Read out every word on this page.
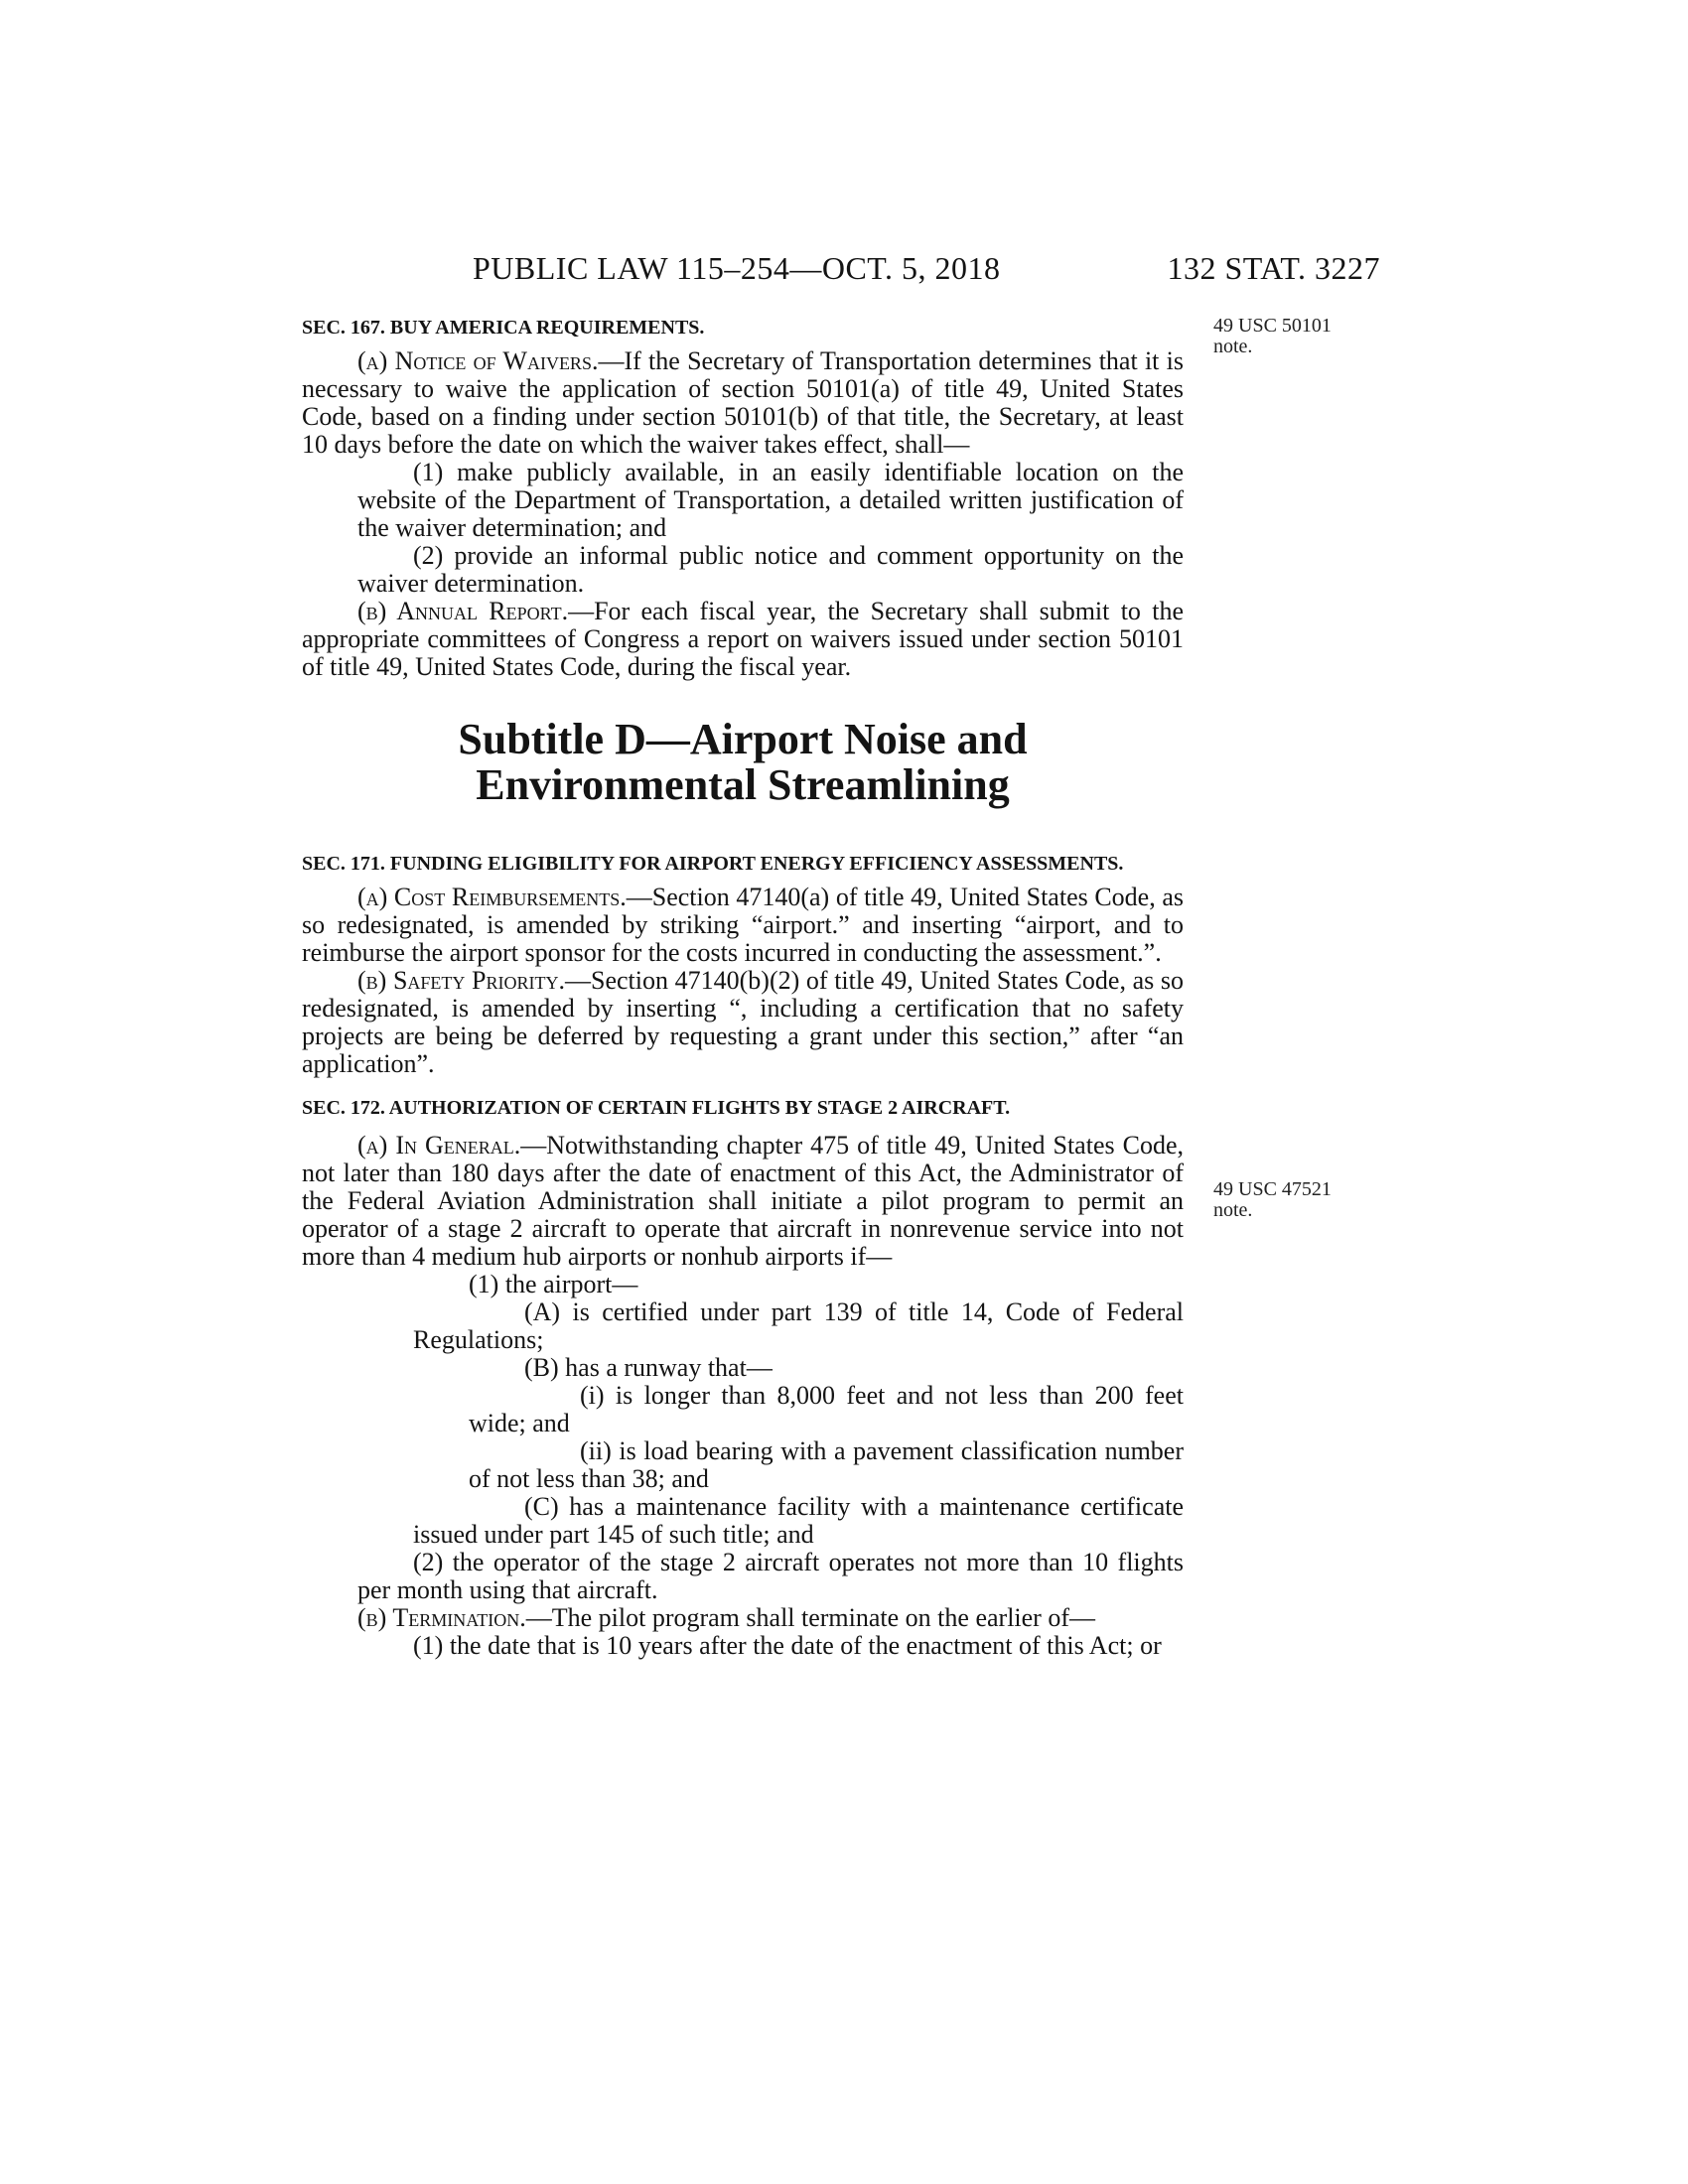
PUBLIC LAW 115–254—OCT. 5, 2018	132 STAT. 3227
49 USC 50101 note.
49 USC 47521 note.
SEC. 167. BUY AMERICA REQUIREMENTS.

(a) Notice of Waivers.—If the Secretary of Transportation determines that it is necessary to waive the application of section 50101(a) of title 49, United States Code, based on a finding under section 50101(b) of that title, the Secretary, at least 10 days before the date on which the waiver takes effect, shall—

(1) make publicly available, in an easily identifiable location on the website of the Department of Transportation, a detailed written justification of the waiver determination; and

(2) provide an informal public notice and comment opportunity on the waiver determination.

(b) Annual Report.—For each fiscal year, the Secretary shall submit to the appropriate committees of Congress a report on waivers issued under section 50101 of title 49, United States Code, during the fiscal year.

Subtitle D—Airport Noise and
Environmental Streamlining
SEC. 171. FUNDING ELIGIBILITY FOR AIRPORT ENERGY EFFICIENCY ASSESSMENTS.

(a) Cost Reimbursements.—Section 47140(a) of title 49, United States Code, as so redesignated, is amended by striking “airport.” and inserting “airport, and to reimburse the airport sponsor for the costs incurred in conducting the assessment.”.

(b) Safety Priority.—Section 47140(b)(2) of title 49, United States Code, as so redesignated, is amended by inserting “, including a certification that no safety projects are being be deferred by requesting a grant under this section,” after “an application”.

SEC. 172. AUTHORIZATION OF CERTAIN FLIGHTS BY STAGE 2 AIRCRAFT.

(a) In General.—Notwithstanding chapter 475 of title 49, United States Code, not later than 180 days after the date of enactment of this Act, the Administrator of the Federal Aviation Administration shall initiate a pilot program to permit an operator of a stage 2 aircraft to operate that aircraft in nonrevenue service into not more than 4 medium hub airports or nonhub airports if—

(1) the airport—

(A) is certified under part 139 of title 14, Code of Federal Regulations;

(B) has a runway that—

(i) is longer than 8,000 feet and not less than 200 feet wide; and

(ii) is load bearing with a pavement classification number of not less than 38; and

(C) has a maintenance facility with a maintenance certificate issued under part 145 of such title; and

(2) the operator of the stage 2 aircraft operates not more than 10 flights per month using that aircraft.

(b) Termination.—The pilot program shall terminate on the earlier of—

(1) the date that is 10 years after the date of the enactment of this Act; or
